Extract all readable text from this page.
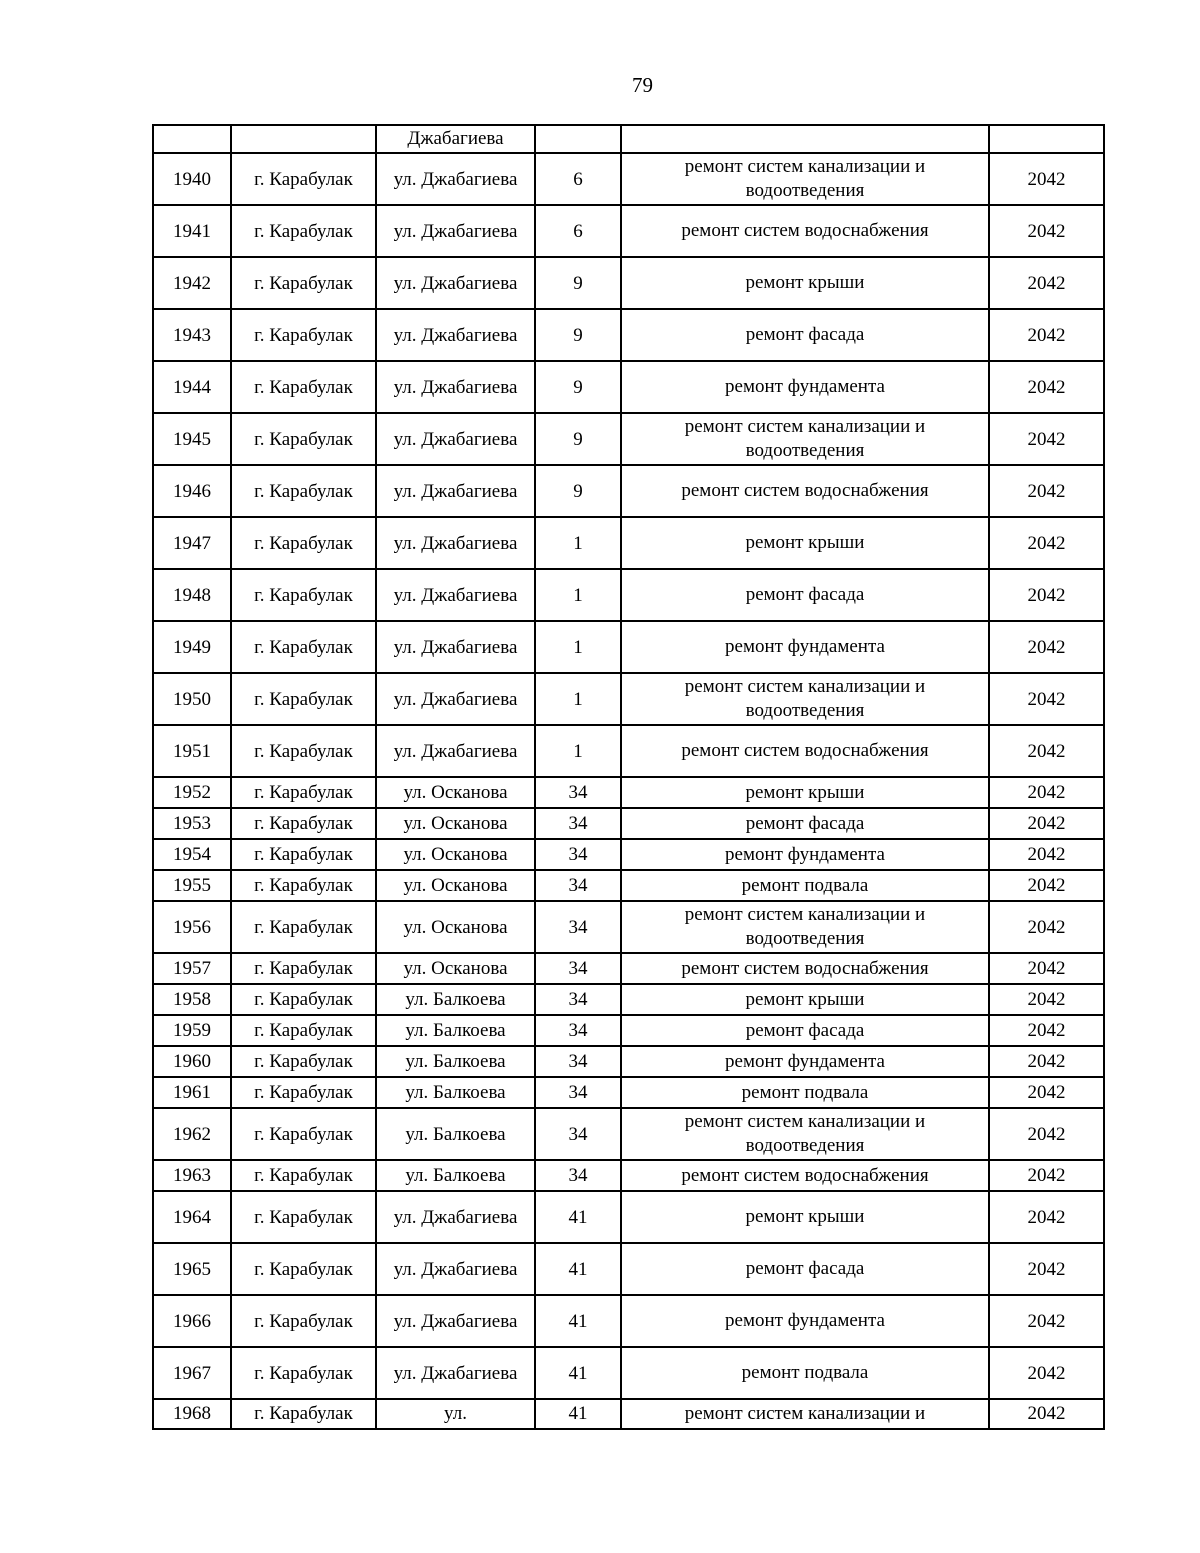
79
		Джабагиева			
1940	г. Карабулак	ул. Джабагиева	6	ремонт систем канализации и водоотведения	2042
1941	г. Карабулак	ул. Джабагиева	6	ремонт систем водоснабжения	2042
1942	г. Карабулак	ул. Джабагиева	9	ремонт крыши	2042
1943	г. Карабулак	ул. Джабагиева	9	ремонт фасада	2042
1944	г. Карабулак	ул. Джабагиева	9	ремонт фундамента	2042
1945	г. Карабулак	ул. Джабагиева	9	ремонт систем канализации и водоотведения	2042
1946	г. Карабулак	ул. Джабагиева	9	ремонт систем водоснабжения	2042
1947	г. Карабулак	ул. Джабагиева	1	ремонт крыши	2042
1948	г. Карабулак	ул. Джабагиева	1	ремонт фасада	2042
1949	г. Карабулак	ул. Джабагиева	1	ремонт фундамента	2042
1950	г. Карабулак	ул. Джабагиева	1	ремонт систем канализации и водоотведения	2042
1951	г. Карабулак	ул. Джабагиева	1	ремонт систем водоснабжения	2042
1952	г. Карабулак	ул. Осканова	34	ремонт крыши	2042
1953	г. Карабулак	ул. Осканова	34	ремонт фасада	2042
1954	г. Карабулак	ул. Осканова	34	ремонт фундамента	2042
1955	г. Карабулак	ул. Осканова	34	ремонт подвала	2042
1956	г. Карабулак	ул. Осканова	34	ремонт систем канализации и водоотведения	2042
1957	г. Карабулак	ул. Осканова	34	ремонт систем водоснабжения	2042
1958	г. Карабулак	ул. Балкоева	34	ремонт крыши	2042
1959	г. Карабулак	ул. Балкоева	34	ремонт фасада	2042
1960	г. Карабулак	ул. Балкоева	34	ремонт фундамента	2042
1961	г. Карабулак	ул. Балкоева	34	ремонт подвала	2042
1962	г. Карабулак	ул. Балкоева	34	ремонт систем канализации и водоотведения	2042
1963	г. Карабулак	ул. Балкоева	34	ремонт систем водоснабжения	2042
1964	г. Карабулак	ул. Джабагиева	41	ремонт крыши	2042
1965	г. Карабулак	ул. Джабагиева	41	ремонт фасада	2042
1966	г. Карабулак	ул. Джабагиева	41	ремонт фундамента	2042
1967	г. Карабулак	ул. Джабагиева	41	ремонт подвала	2042
1968	г. Карабулак	ул.	41	ремонт систем канализации и	2042
